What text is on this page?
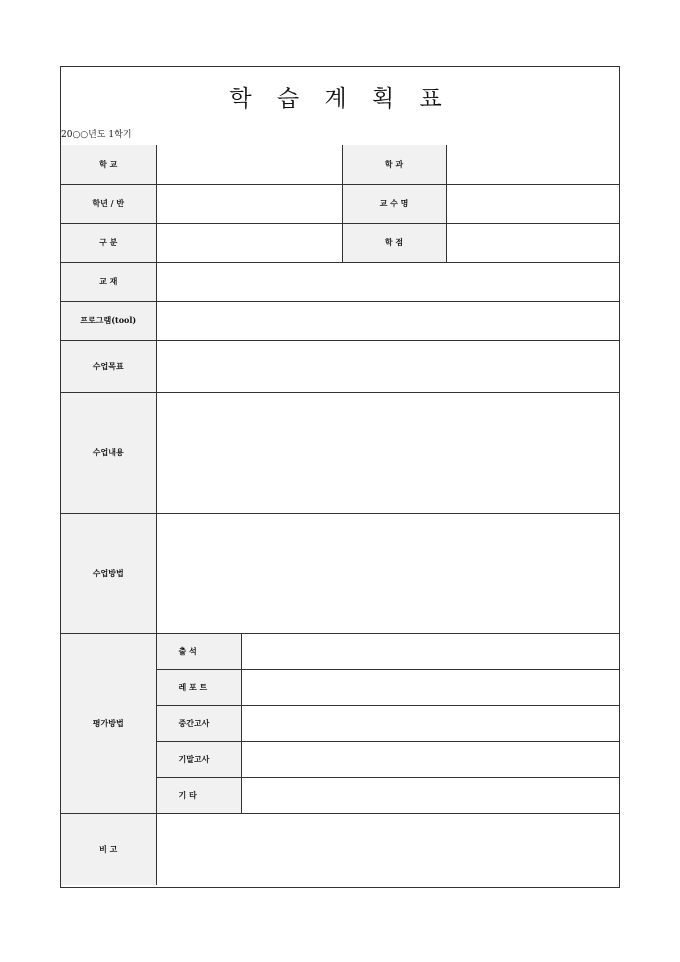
학 습 계 획 표
20○○년도 1학기
학 교			학 과	
학년 / 반			교 수 명	
구 분			학 점	
교 재				
프로그램(tool)				
수업목표				
수업내용				
수업방법				
평가방법	출 석			
	레 포 트			
	중간고사			
	기말고사			
	기 타			
비 고				
